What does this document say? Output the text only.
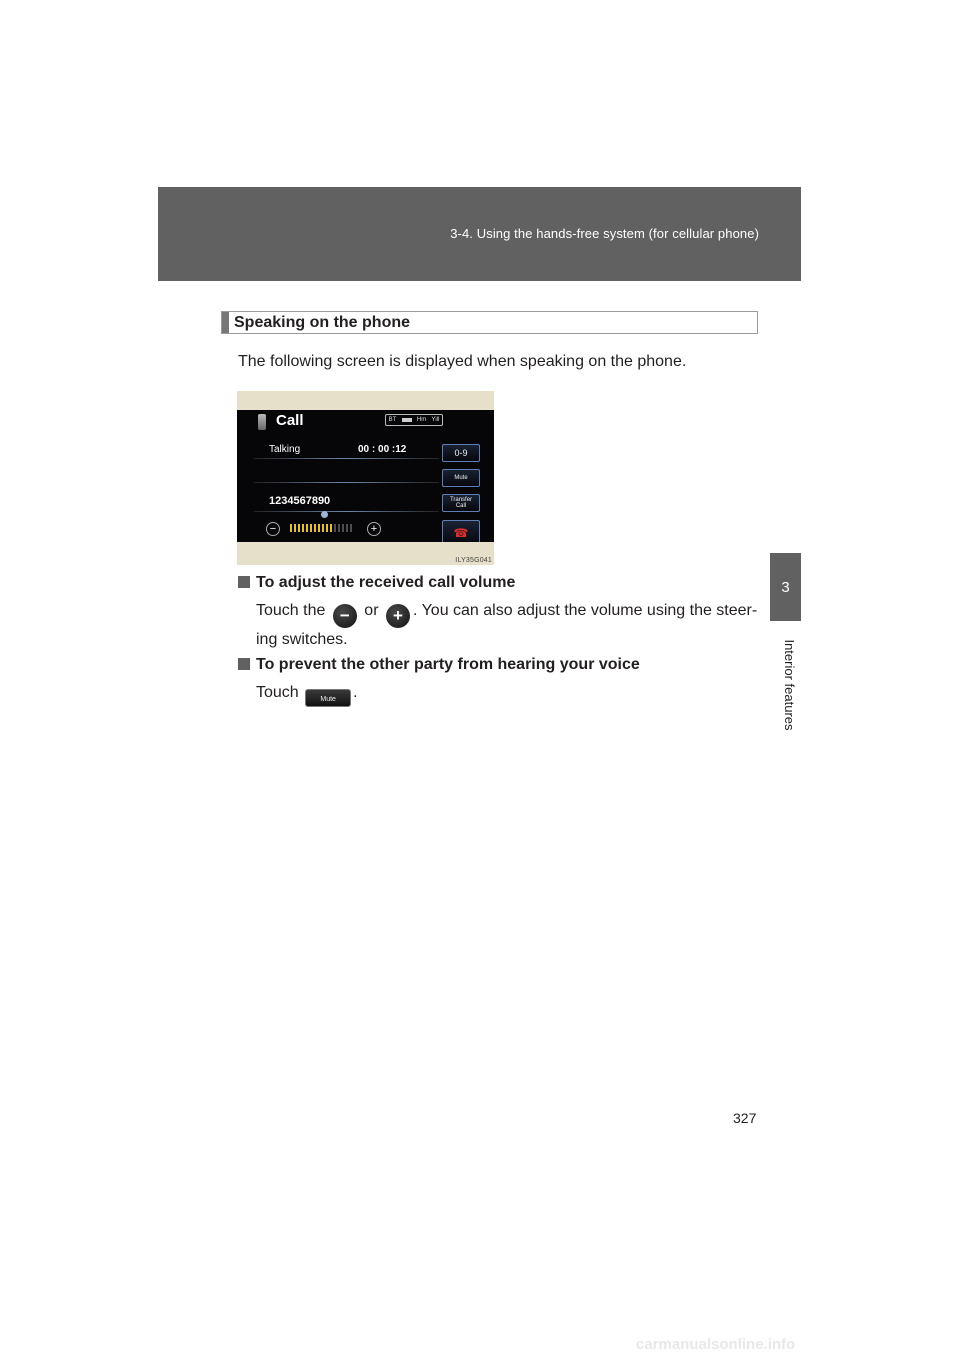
3-4. Using the hands-free system (for cellular phone)
3
Interior features
Speaking on the phone
The following screen is displayed when speaking on the phone.
Call	BT	Hm Yill
Talking	00 : 00 :12
1234567890
0-9
Mute
Transfer
Call
☎
−	+
ILY35G041
To adjust the received call volume
Touch the − or + . You can also adjust the volume using the steer-
ing switches.
To prevent the other party from hearing your voice
Touch	Mute .
327
carmanualsonline.info
